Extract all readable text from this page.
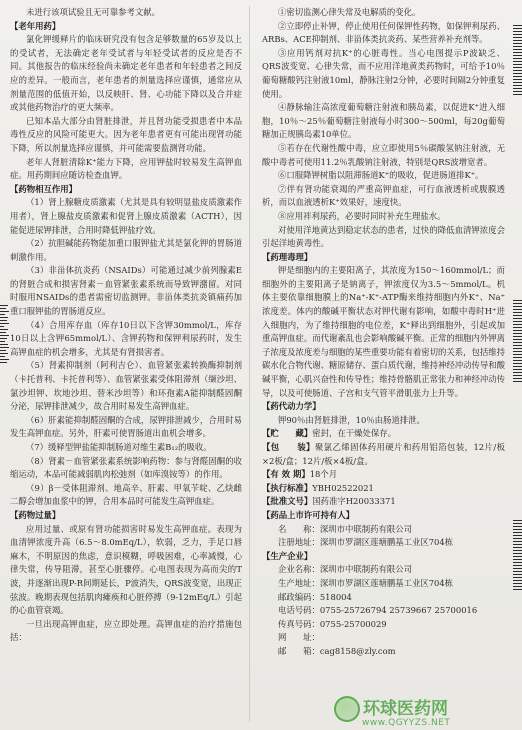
未进行该项试验且无可靠参考文献。

【老年用药】

氯化钾缓释片的临床研究没有包含足够数量的65岁及以上的受试者，无法确定老年受试者与年轻受试者的反应是否不同。其他报告的临床经验尚未确定老年患者和年轻患者之间反应的差异。一般而言，老年患者的剂量选择应谨慎，通常应从剂量范围的低值开始，以反映肝、肾、心功能下降以及合并症或其他药物治疗的更大频率。

已知本品大部分由肾脏排泄，并且肾功能受损患者中本品毒性反应的风险可能更大。因为老年患者更有可能出现肾功能下降，所以剂量选择应谨慎，并可能需要监测肾功能。

老年人肾脏清除K⁺能力下降，应用钾盐时较易发生高钾血症。用药期间应随访检查血钾。

【药物相互作用】

（1）肾上腺糖皮质激素（尤其是具有较明显盐皮质激素作用者），肾上腺盐皮质激素和促肾上腺皮质激素（ACTH），因能促进尿钾排泄，合用时降低钾盐疗效。

（2）抗胆碱能药物能加重口服钾盐尤其是氯化钾的胃肠道刺激作用。

（3）非甾体抗炎药（NSAIDs）可能通过减少前列腺素E的肾脏合成和损害肾素－血管紧张素系统而导致钾潴留。对同时服用NSAIDs的患者需密切监测钾。非甾体类抗炎镇痛药加重口服钾盐的胃肠道反应。

（4）合用库存血（库存10日以下含钾30mmol/L，库存10日以上含钾65mmol/L）、含钾药物和保钾利尿药时，发生高钾血症的机会增多，尤其是有肾损害者。

（5）肾素抑制剂（阿利吉仑）、血管紧张素转换酶抑制剂（卡托普利、卡托普利等）、血管紧张素受体阻滞剂（缬沙坦、氯沙坦钾、坎地沙坦、替米沙坦等）和环孢素A能抑制醛固酮分泌，尿钾排泄减少，故合用时易发生高钾血症。

（6）肝素能抑制醛固酮的合成，尿钾排泄减少，合用时易发生高钾血症。另外，肝素可使胃肠道出血机会增多。

（7）缓释型钾盐能抑制肠道对维生素B₁₂的吸收。

（8）肾素－血管紧张素系统影响药物：参与肾醛固酮的收缩运动，本品可能减弱肌肉松弛剂（如库溴铵等）的作用。

（9）β－受体阻滞剂、地高辛、肝素、甲氧苄啶、乙炔雌二醇会增加血浆中的钾，合用本品时可能发生高钾血症。

【药物过量】

应用过量、或原有肾功能损害时易发生高钾血症。表现为血清钾浓度升高（6.5～8.0mEq/L），软弱，乏力，手足口唇麻木，不明原因的焦虑，意识模糊，呼吸困难，心率减慢，心律失常，传导阻滞，甚至心脏骤停。心电图表现为高而尖的T波，并逐渐出现P-R间期延长，P波消失，QRS波变宽，出现正弦波。晚期表现包括肌肉瘫痪和心脏停搏（9-12mEq/L）引起的心血管衰竭。

一旦出现高钾血症，应立即处理。高钾血症的治疗措施包括：

①密切监测心律失常及电解质的变化。

②立即停止补钾，停止使用任何保钾性药物，如保钾利尿药、ARBs、ACE抑制剂、非甾体类抗炎药、某些营养补充剂等。

③应用钙剂对抗K⁺的心脏毒性。当心电图提示P波缺乏、QRS波变宽、心律失常，而不应用洋地黄类药物时，可给予10％葡萄糖酸钙注射液10ml，静脉注射2分钟，必要时间隔2分钟重复使用。

④静脉输注高浓度葡萄糖注射液和胰岛素，以促进K⁺进入细胞，10％～25％葡萄糖注射液每小时300～500ml，每20g葡萄糖加正规胰岛素10单位。

⑤若存在代谢性酸中毒，应立即使用5％碳酸氢钠注射液，无酸中毒者可使用11.2％乳酸钠注射液，特别是QRS波增宽者。

⑥口服降钾树脂以阻滞肠道K⁺的吸收，促进肠道排K⁺。

⑦伴有肾功能衰竭的严重高钾血症，可行血液透析或腹膜透析，而以血液透析K⁺效果好，速度快。

⑧应用袢利尿药，必要时同时补充生理盐水。

对使用洋地黄达到稳定状态的患者，过快的降低血清钾浓度会引起洋地黄毒性。

【药理毒理】

钾是细胞内的主要阳离子，其浓度为150～160mmol/L；而细胞外的主要阳离子是钠离子，钾浓度仅为3.5～5mmol/L。机体主要依靠细胞膜上的Na⁺-K⁺-ATP酶来维持细胞内外K⁺、Na⁺浓度差。体内的酸碱平衡状态对钾代谢有影响，如酸中毒时H⁺进入细胞内，为了维持细胞的电位差，K⁺释出到细胞外，引起或加重高钾血症。而代谢紊乱也会影响酸碱平衡。正常的细胞内外钾离子浓度及浓度差与细胞的某些重要功能有着密切的关系，包括维持碳水化合物代谢、糖原储存、蛋白质代谢，维持神经冲动传导和酸碱平衡，心肌兴奋性和传导性；维持骨骼肌正常张力和神经冲动传导，以及可使肠道、子宫和支气管平滑肌张力上升等。

【药代动力学】

钾90％由肾脏排泄，10％由肠道排泄。

【贮　　藏】密封，在干燥处保存。

【包　　装】聚氯乙烯固体药用硬片和药用铝箔包装，12片/板×2板/盒；12片/板×4板/盒。

【有 效 期】18个月

【执行标准】YBH02522021

【批准文号】国药准字H20033371

【药品上市许可持有人】

名　　称：深圳市中联制药有限公司

注册地址：深圳市罗湖区莲塘鹏基工业区704栋

【生产企业】

企业名称：深圳市中联制药有限公司

生产地址：深圳市罗湖区莲塘鹏基工业区704栋

邮政编码：518004

电话号码：0755-25726794 25739667 25700016

传真号码：0755-25700029

网　　址：

邮　　箱：cag8158@zly.com

环球医药网
www.QGYYZS.NET
